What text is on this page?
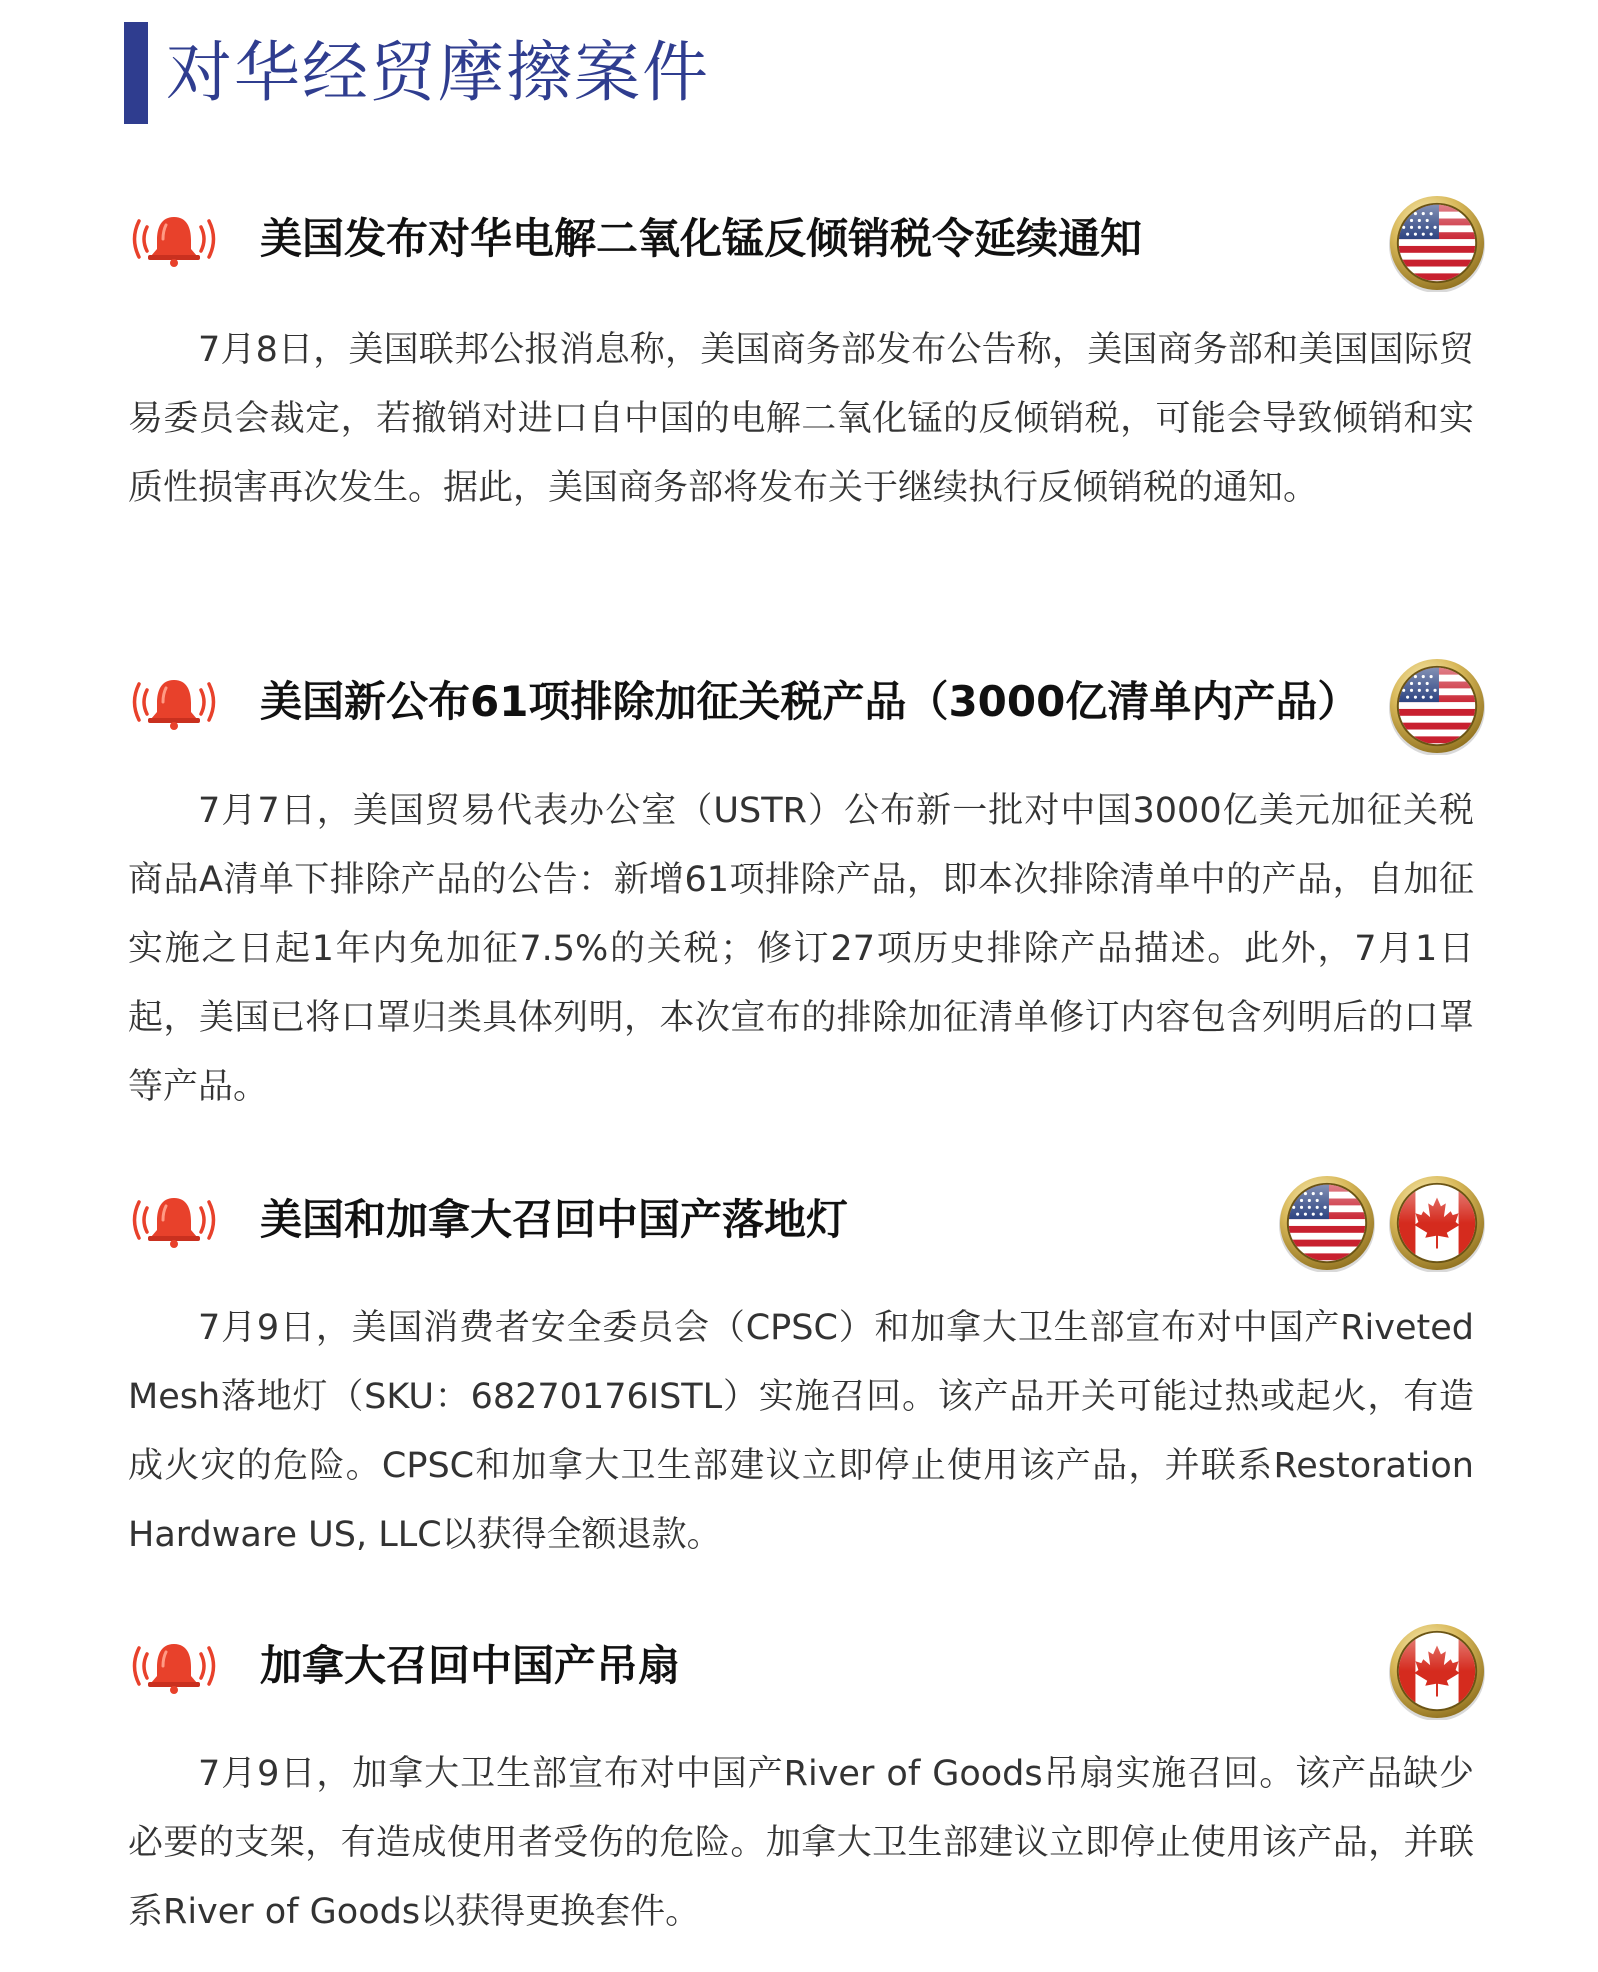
对华经贸摩擦案件
美国发布对华电解二氧化锰反倾销税令延续通知

7月8日，美国联邦公报消息称，美国商务部发布公告称，美国商务部和美国国际贸易委员会裁定，若撤销对进口自中国的电解二氧化锰的反倾销税，可能会导致倾销和实质性损害再次发生。据此，美国商务部将发布关于继续执行反倾销税的通知。

美国新公布61项排除加征关税产品（3000亿清单内产品）

7月7日，美国贸易代表办公室（USTR）公布新一批对中国3000亿美元加征关税商品A清单下排除产品的公告：新增61项排除产品，即本次排除清单中的产品，自加征实施之日起1年内免加征7.5%的关税；修订27项历史排除产品描述。此外，7月1日起，美国已将口罩归类具体列明，本次宣布的排除加征清单修订内容包含列明后的口罩等产品。

美国和加拿大召回中国产落地灯

7月9日，美国消费者安全委员会（CPSC）和加拿大卫生部宣布对中国产Riveted Mesh落地灯（SKU：68270176ISTL）实施召回。该产品开关可能过热或起火，有造成火灾的危险。CPSC和加拿大卫生部建议立即停止使用该产品，并联系Restoration Hardware US, LLC以获得全额退款。

加拿大召回中国产吊扇

7月9日，加拿大卫生部宣布对中国产River of Goods吊扇实施召回。该产品缺少必要的支架，有造成使用者受伤的危险。加拿大卫生部建议立即停止使用该产品，并联系River of Goods以获得更换套件。
